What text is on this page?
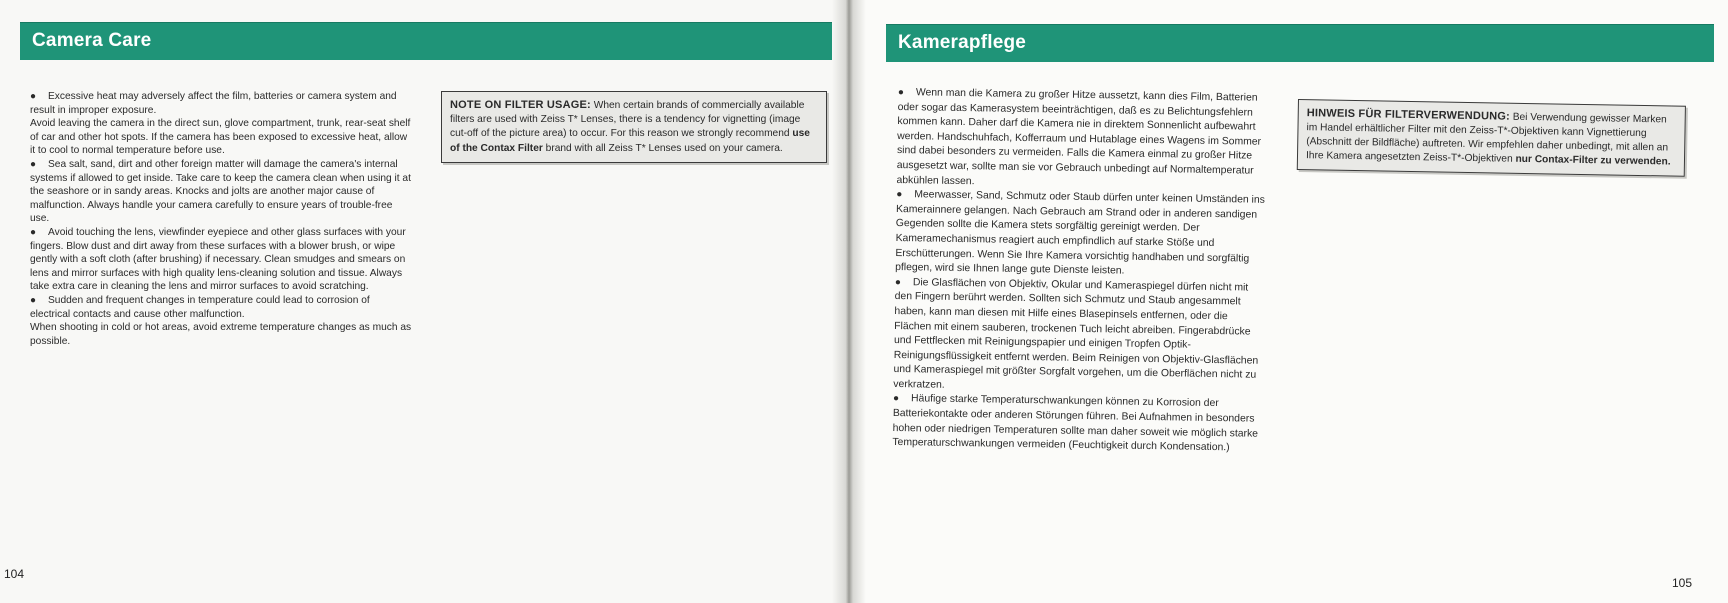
Camera Care

● Excessive heat may adversely affect the film, batteries or camera system and result in improper exposure.

Avoid leaving the camera in the direct sun, glove compartment, trunk, rear-seat shelf of car and other hot spots. If the camera has been exposed to excessive heat, allow it to cool to normal temperature before use.

● Sea salt, sand, dirt and other foreign matter will damage the camera's internal systems if allowed to get inside. Take care to keep the camera clean when using it at the seashore or in sandy areas. Knocks and jolts are another major cause of malfunction. Always handle your camera carefully to ensure years of trouble-free use.

● Avoid touching the lens, viewfinder eyepiece and other glass surfaces with your fingers. Blow dust and dirt away from these surfaces with a blower brush, or wipe gently with a soft cloth (after brushing) if necessary. Clean smudges and smears on lens and mirror surfaces with high quality lens-cleaning solution and tissue. Always take extra care in cleaning the lens and mirror surfaces to avoid scratching.

● Sudden and frequent changes in temperature could lead to corrosion of electrical contacts and cause other malfunction.

When shooting in cold or hot areas, avoid extreme temperature changes as much as possible.

NOTE ON FILTER USAGE: When certain brands of commercially available filters are used with Zeiss T* Lenses, there is a tendency for vignetting (image cut-off of the picture area) to occur. For this reason we strongly recommend use of the Contax Filter brand with all Zeiss T* Lenses used on your camera.
104
Kamerapflege

● Wenn man die Kamera zu großer Hitze aussetzt, kann dies Film, Batterien oder sogar das Kamerasystem beeinträchtigen, daß es zu Belichtungsfehlern kommen kann. Daher darf die Kamera nie in direktem Sonnenlicht aufbewahrt werden. Handschuhfach, Kofferraum und Hutablage eines Wagens im Sommer sind dabei besonders zu vermeiden. Falls die Kamera einmal zu großer Hitze ausgesetzt war, sollte man sie vor Gebrauch unbedingt auf Normaltemperatur abkühlen lassen.

● Meerwasser, Sand, Schmutz oder Staub dürfen unter keinen Umständen ins Kamerainnere gelangen. Nach Gebrauch am Strand oder in anderen sandigen Gegenden sollte die Kamera stets sorgfältig gereinigt werden. Der Kameramechanismus reagiert auch empfindlich auf starke Stöße und Erschütterungen. Wenn Sie Ihre Kamera vorsichtig handhaben und sorgfältig pflegen, wird sie Ihnen lange gute Dienste leisten.

● Die Glasflächen von Objektiv, Okular und Kameraspiegel dürfen nicht mit den Fingern berührt werden. Sollten sich Schmutz und Staub angesammelt haben, kann man diesen mit Hilfe eines Blasepinsels entfernen, oder die Flächen mit einem sauberen, trockenen Tuch leicht abreiben. Fingerabdrücke und Fettflecken mit Reinigungspapier und einigen Tropfen Optik-Reinigungsflüssigkeit entfernt werden. Beim Reinigen von Objektiv-Glasflächen und Kameraspiegel mit größter Sorgfalt vorgehen, um die Oberflächen nicht zu verkratzen.

● Häufige starke Temperaturschwankungen können zu Korrosion der Batteriekontakte oder anderen Störungen führen. Bei Aufnahmen in besonders hohen oder niedrigen Temperaturen sollte man daher soweit wie möglich starke Temperaturschwankungen vermeiden (Feuchtigkeit durch Kondensation.)

HINWEIS FÜR FILTERVERWENDUNG: Bei Verwendung gewisser Marken im Handel erhältlicher Filter mit den Zeiss-T*-Objektiven kann Vignettierung (Abschnitt der Bildfläche) auftreten. Wir empfehlen daher unbedingt, mit allen an Ihre Kamera angesetzten Zeiss-T*-Objektiven nur Contax-Filter zu verwenden.
105
